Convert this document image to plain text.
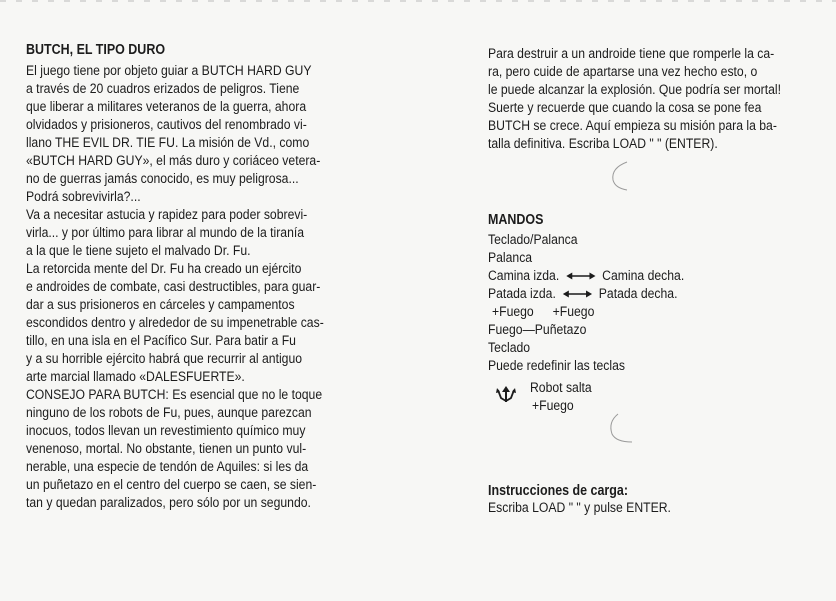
BUTCH, EL TIPO DURO
El juego tiene por objeto guiar a BUTCH HARD GUY
a través de 20 cuadros erizados de peligros. Tiene
que liberar a militares veteranos de la guerra, ahora
olvidados y prisioneros, cautivos del renombrado vi-
llano THE EVIL DR. TIE FU. La misión de Vd., como
«BUTCH HARD GUY», el más duro y coriáceo vetera-
no de guerras jamás conocido, es muy peligrosa...
Podrá sobrevivirla?...
Va a necesitar astucia y rapidez para poder sobrevi-
virla... y por último para librar al mundo de la tiranía
a la que le tiene sujeto el malvado Dr. Fu.
La retorcida mente del Dr. Fu ha creado un ejército
e androides de combate, casi destructibles, para guar-
dar a sus prisioneros en cárceles y campamentos
escondidos dentro y alrededor de su impenetrable cas-
tillo, en una isla en el Pacífico Sur. Para batir a Fu
y a su horrible ejército habrá que recurrir al antiguo
arte marcial llamado «DALESFUERTE».
CONSEJO PARA BUTCH: Es esencial que no le toque
ninguno de los robots de Fu, pues, aunque parezcan
inocuos, todos llevan un revestimiento químico muy
venenoso, mortal. No obstante, tienen un punto vul-
nerable, una especie de tendón de Aquiles: si les da
un puñetazo en el centro del cuerpo se caen, se sien-
tan y quedan paralizados, pero sólo por un segundo.
Para destruir a un androide tiene que romperle la ca-
ra, pero cuide de apartarse una vez hecho esto, o
le puede alcanzar la explosión. Que podría ser mortal!
Suerte y recuerde que cuando la cosa se pone fea
BUTCH se crece. Aquí empieza su misión para la ba-
talla definitiva. Escriba LOAD " " (ENTER).
MANDOS
Teclado/Palanca
Palanca
Camina izda.	Camina decha.
Patada izda.	Patada decha.
+Fuego +Fuego
Fuego—Puñetazo
Teclado
Puede redefinir las teclas
Robot salta
+Fuego
Instrucciones de carga:
Escriba LOAD " " y pulse ENTER.
